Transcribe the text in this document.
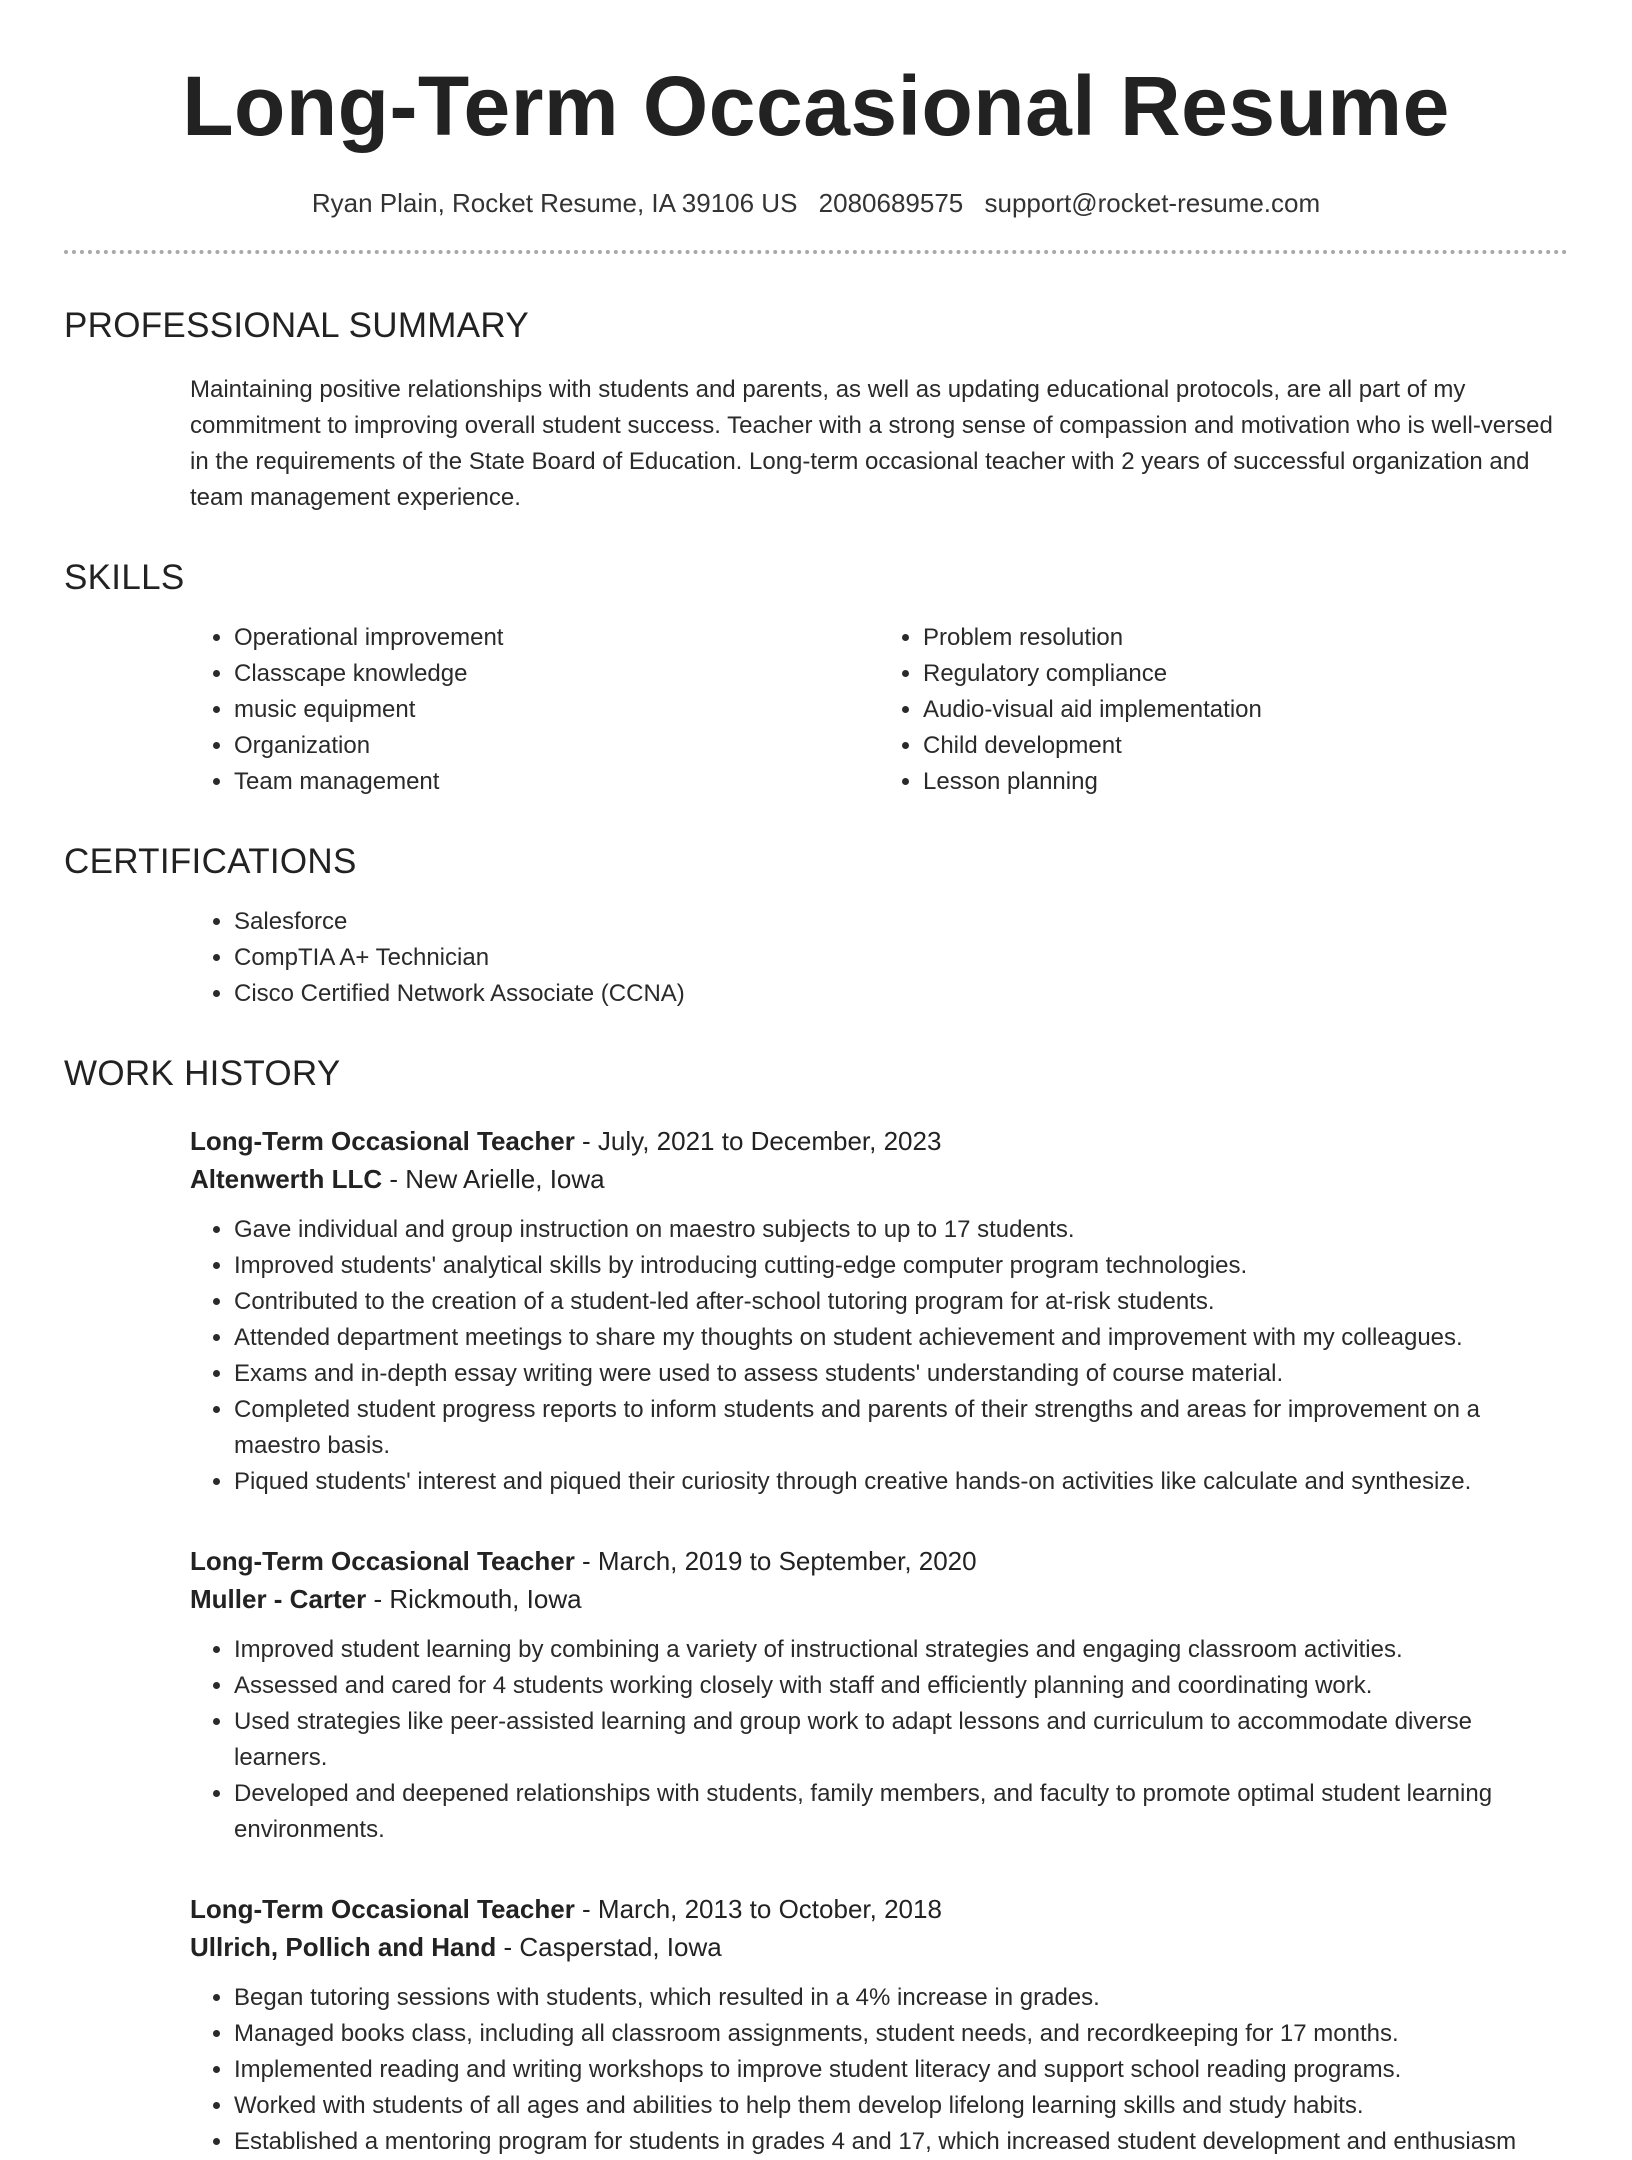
Long-Term Occasional Resume
Ryan Plain, Rocket Resume, IA 39106 US 2080689575 support@rocket-resume.com
PROFESSIONAL SUMMARY

Maintaining positive relationships with students and parents, as well as updating educational protocols, are all part of my commitment to improving overall student success. Teacher with a strong sense of compassion and motivation who is well-versed in the requirements of the State Board of Education. Long-term occasional teacher with 2 years of successful organization and team management experience.

SKILLS
• Operational improvement
• Classcape knowledge
• music equipment
• Organization
• Team management
• Problem resolution
• Regulatory compliance
• Audio-visual aid implementation
• Child development
• Lesson planning
CERTIFICATIONS
• Salesforce
• CompTIA A+ Technician
• Cisco Certified Network Associate (CCNA)
WORK HISTORY
Long-Term Occasional Teacher - July, 2021 to December, 2023
Altenwerth LLC - New Arielle, Iowa
• Gave individual and group instruction on maestro subjects to up to 17 students.
• Improved students' analytical skills by introducing cutting-edge computer program technologies.
• Contributed to the creation of a student-led after-school tutoring program for at-risk students.
• Attended department meetings to share my thoughts on student achievement and improvement with my colleagues.
• Exams and in-depth essay writing were used to assess students' understanding of course material.
• Completed student progress reports to inform students and parents of their strengths and areas for improvement on a maestro basis.
• Piqued students' interest and piqued their curiosity through creative hands-on activities like calculate and synthesize.
Long-Term Occasional Teacher - March, 2019 to September, 2020
Muller - Carter - Rickmouth, Iowa
• Improved student learning by combining a variety of instructional strategies and engaging classroom activities.
• Assessed and cared for 4 students working closely with staff and efficiently planning and coordinating work.
• Used strategies like peer-assisted learning and group work to adapt lessons and curriculum to accommodate diverse learners.
• Developed and deepened relationships with students, family members, and faculty to promote optimal student learning environments.
Long-Term Occasional Teacher - March, 2013 to October, 2018
Ullrich, Pollich and Hand - Casperstad, Iowa
• Began tutoring sessions with students, which resulted in a 4% increase in grades.
• Managed books class, including all classroom assignments, student needs, and recordkeeping for 17 months.
• Implemented reading and writing workshops to improve student literacy and support school reading programs.
• Worked with students of all ages and abilities to help them develop lifelong learning skills and study habits.
• Established a mentoring program for students in grades 4 and 17, which increased student development and enthusiasm
